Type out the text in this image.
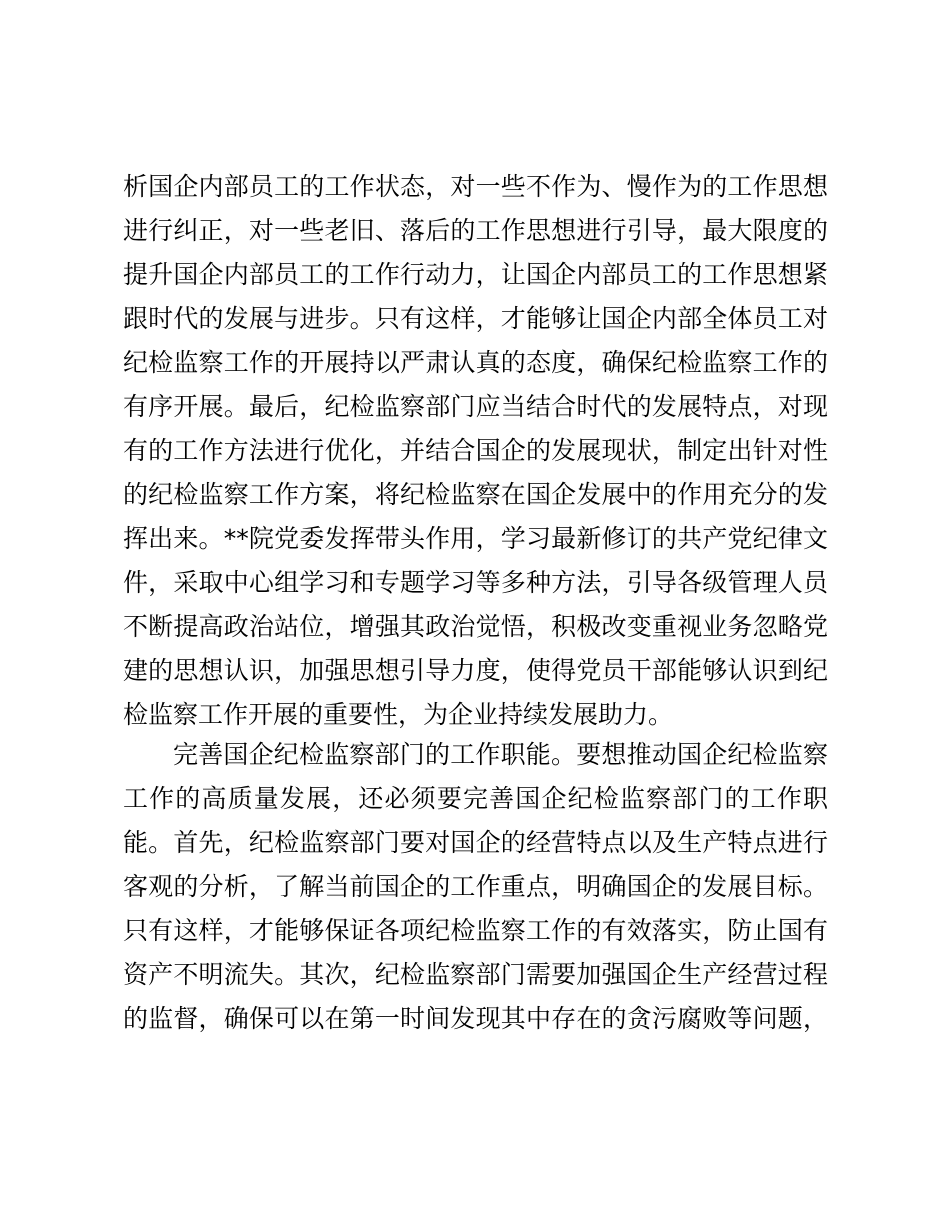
析国企内部员工的工作状态，对一些不作为、慢作为的工作思想
进行纠正，对一些老旧、落后的工作思想进行引导，最大限度的
提升国企内部员工的工作行动力，让国企内部员工的工作思想紧
跟时代的发展与进步。只有这样，才能够让国企内部全体员工对
纪检监察工作的开展持以严肃认真的态度，确保纪检监察工作的
有序开展。最后，纪检监察部门应当结合时代的发展特点，对现
有的工作方法进行优化，并结合国企的发展现状，制定出针对性
的纪检监察工作方案，将纪检监察在国企发展中的作用充分的发
挥出来。**院党委发挥带头作用，学习最新修订的共产党纪律文
件，采取中心组学习和专题学习等多种方法，引导各级管理人员
不断提高政治站位，增强其政治觉悟，积极改变重视业务忽略党
建的思想认识，加强思想引导力度，使得党员干部能够认识到纪
检监察工作开展的重要性，为企业持续发展助力。
完善国企纪检监察部门的工作职能。要想推动国企纪检监察
工作的高质量发展，还必须要完善国企纪检监察部门的工作职
能。首先，纪检监察部门要对国企的经营特点以及生产特点进行
客观的分析，了解当前国企的工作重点，明确国企的发展目标。
只有这样，才能够保证各项纪检监察工作的有效落实，防止国有
资产不明流失。其次，纪检监察部门需要加强国企生产经营过程
的监督，确保可以在第一时间发现其中存在的贪污腐败等问题，
